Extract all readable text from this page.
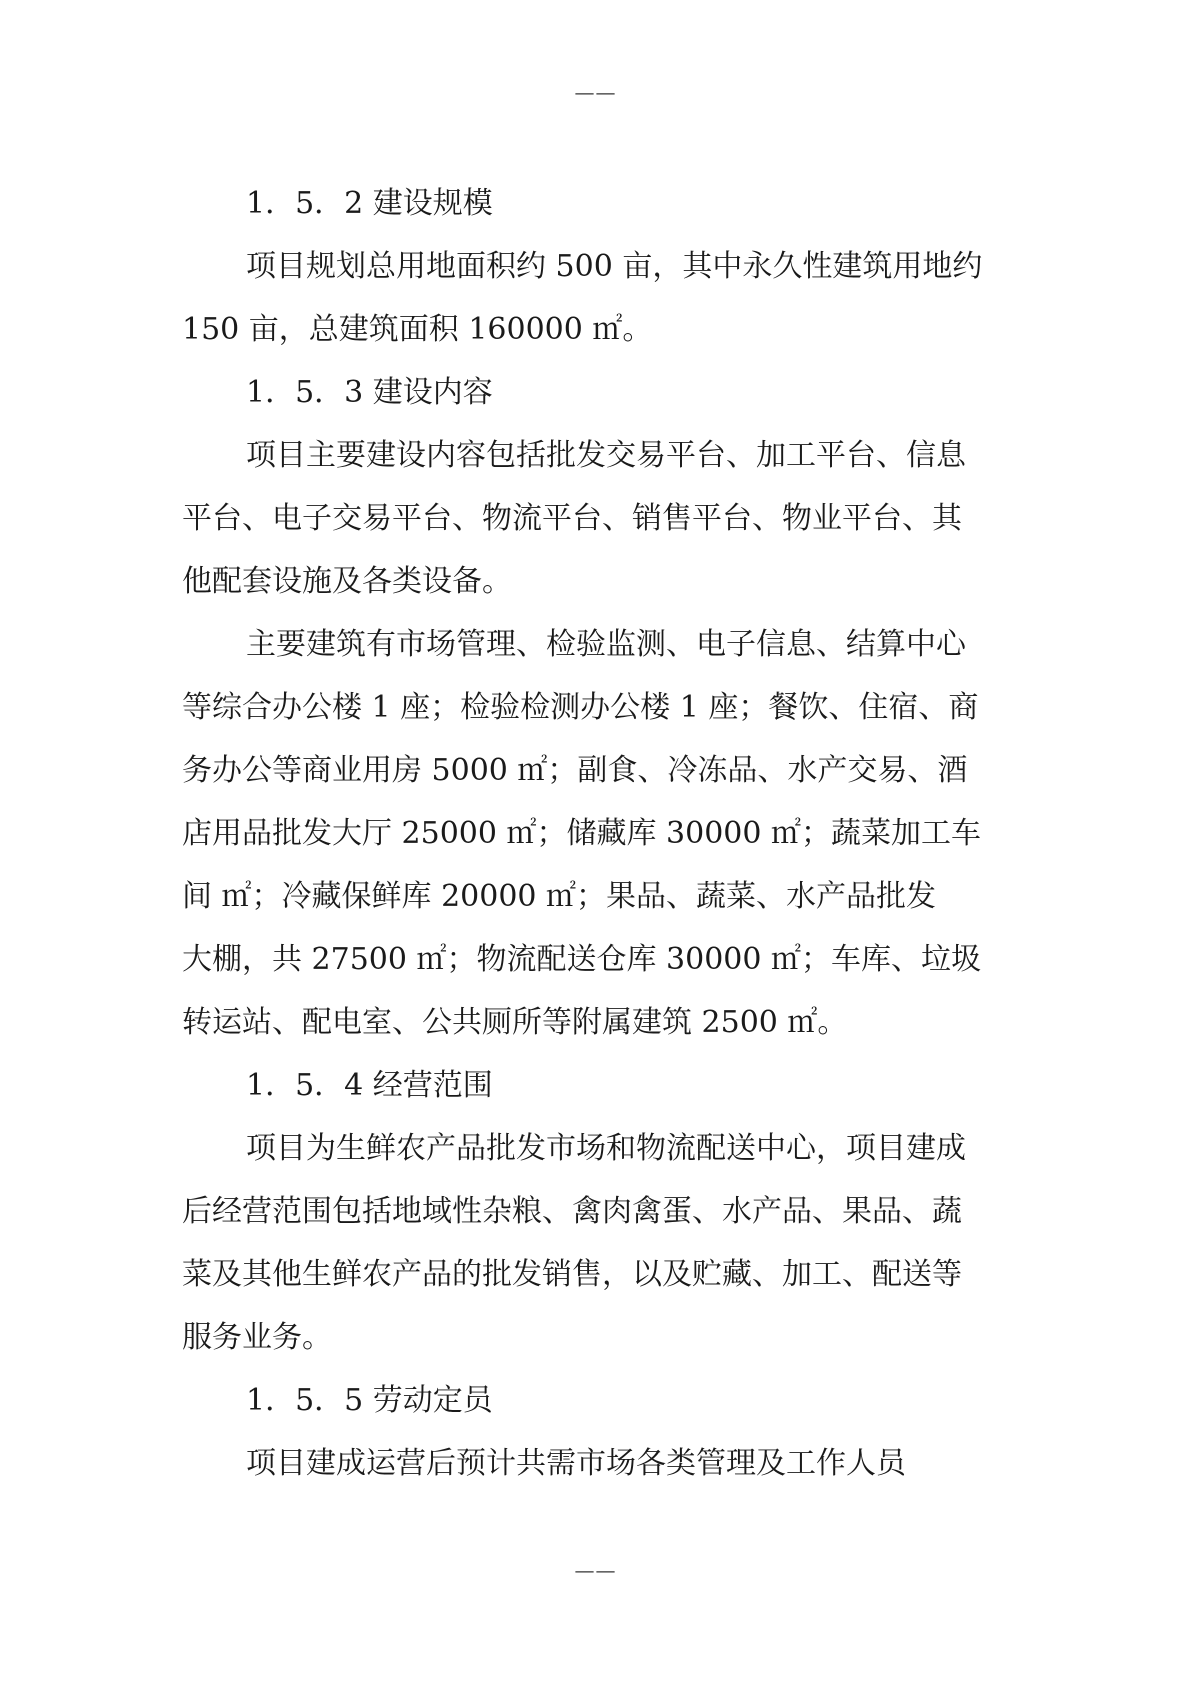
——
1．5．2 建设规模
项目规划总用地面积约 500 亩，其中永久性建筑用地约
150 亩，总建筑面积 160000 ㎡。
1．5．3 建设内容
项目主要建设内容包括批发交易平台、加工平台、信息
平台、电子交易平台、物流平台、销售平台、物业平台、其
他配套设施及各类设备。
主要建筑有市场管理、检验监测、电子信息、结算中心
等综合办公楼 1 座；检验检测办公楼 1 座；餐饮、住宿、商
务办公等商业用房 5000 ㎡；副食、冷冻品、水产交易、酒
店用品批发大厅 25000 ㎡；储藏库 30000 ㎡；蔬菜加工车
间 ㎡；冷藏保鲜库 20000 ㎡；果品、蔬菜、水产品批发
大棚，共 27500 ㎡；物流配送仓库 30000 ㎡；车库、垃圾
转运站、配电室、公共厕所等附属建筑 2500 ㎡。
1．5．4 经营范围
项目为生鲜农产品批发市场和物流配送中心，项目建成
后经营范围包括地域性杂粮、禽肉禽蛋、水产品、果品、蔬
菜及其他生鲜农产品的批发销售，以及贮藏、加工、配送等
服务业务。
1．5．5 劳动定员
项目建成运营后预计共需市场各类管理及工作人员
——
